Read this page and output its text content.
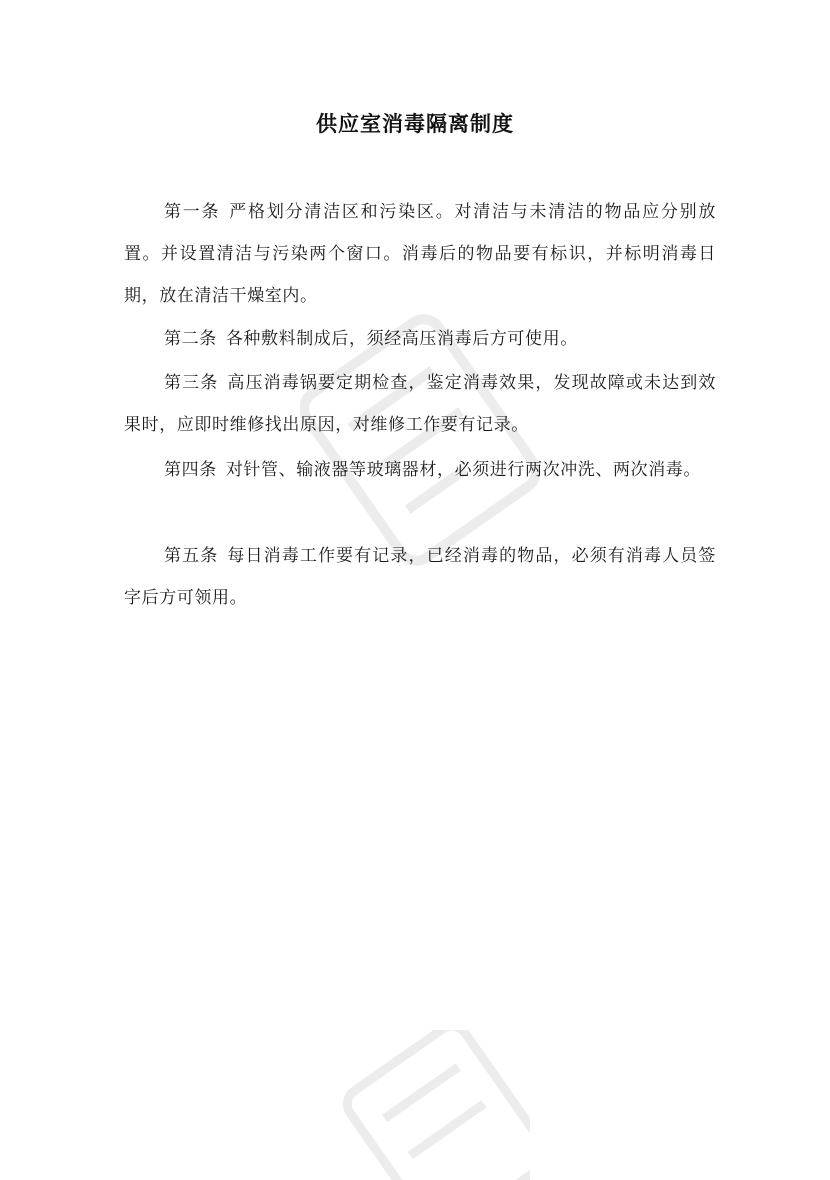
供应室消毒隔离制度

第一条 严格划分清洁区和污染区。对清洁与未清洁的物品应分别放置。并设置清洁与污染两个窗口。消毒后的物品要有标识，并标明消毒日期，放在清洁干燥室内。

第二条 各种敷料制成后，须经高压消毒后方可使用。

第三条 高压消毒锅要定期检查，鉴定消毒效果，发现故障或未达到效果时，应即时维修找出原因，对维修工作要有记录。

第四条 对针管、输液器等玻璃器材，必须进行两次冲洗、两次消毒。

第五条 每日消毒工作要有记录，已经消毒的物品，必须有消毒人员签字后方可领用。
